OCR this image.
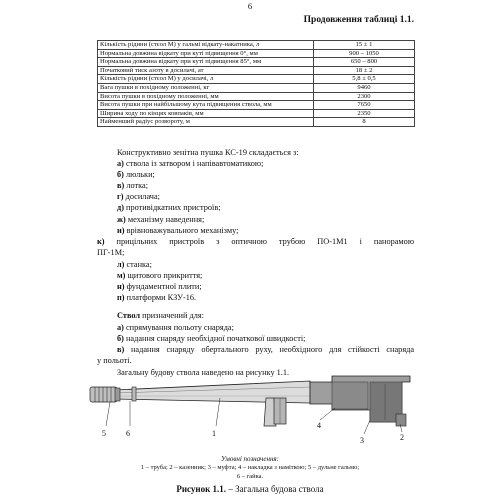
6
Продовження таблиці 1.1.
Кількість рідини (стєол М) у гальмі відкату-накатника, л	15 ± 1
Нормальна довжина відкату при куті підвищення 0°, мм	900 – 1050
Нормальна довжина відкату при куті підвищення 85°, мм	650 – 800
Початковий тиск азоту в досилачі, ат	18 ± 2
Кількість рідини (стєол М) у досилачі, л	5,8 ± 0,5
Вага пушки в похідному положенні, кг	9460
Висота пушки в похідному положенні, мм	2300
Висота пушки при найбільшому кута підвищення ствола, мм	7650
Ширина ходу по кінцях ковпаків, мм	2350
Найменший радіус розвороту, м	8
Конструктивно зенітна пушка КС-19 складається з:
а) ствола із затвором і напівавтоматикою;
б) люльки;
в) лотка;
г) досилача;
д) противідкатних пристроїв;
ж) механізму наведення;
и) врівноважувального механізму;
к) прицільних пристроїв з оптичною трубою ПО-1М1 і панорамою
ПГ-1М;
л) станка;
м) щитового прикриття;
н) фундаментної плити;
п) платформи КЗУ-16.
Ствол призначений для:
а) спрямування польоту снаряда;
б) надання снаряду необхідної початкової швидкості;
в) надання снаряду обертального руху, необхідного для стійкості снаряда
у польоті.
Загальну будову ствола наведено на рисунку 1.1.
5	6	1
4
3	2
Умовні позначення:
1 – труба; 2 – казенник; 3 – муфта; 4 – накладка з наміткою; 5 – дульне гальмо;
6 – гайка.
Рисунок 1.1. – Загальна будова ствола
